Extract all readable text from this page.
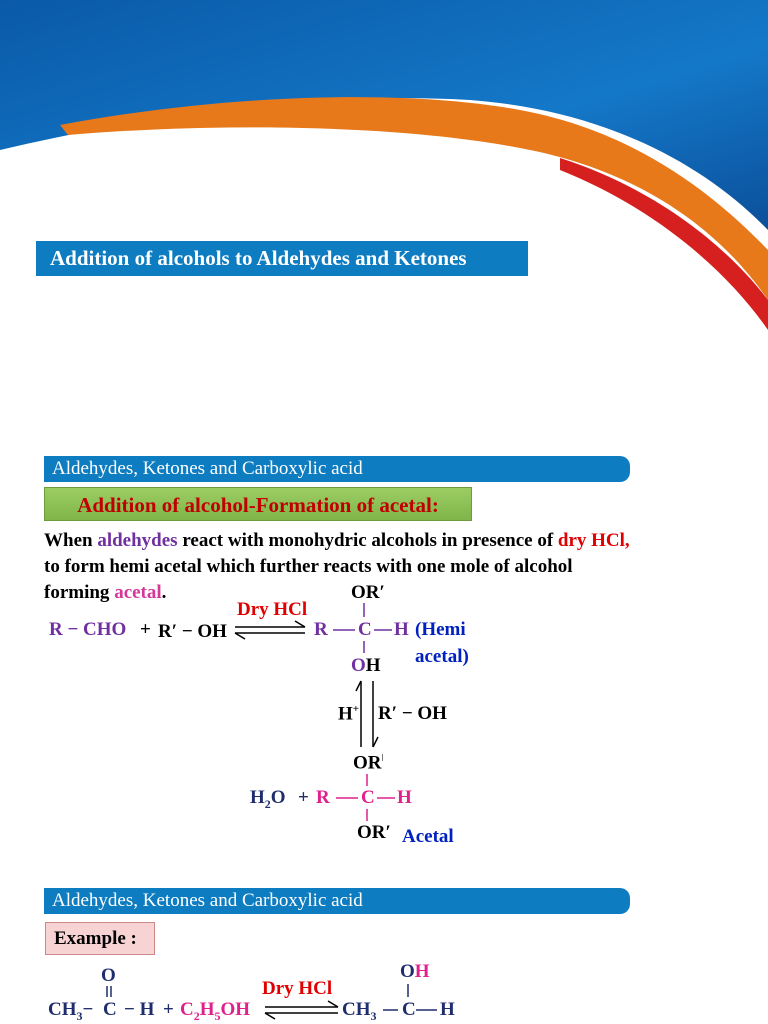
Addition of alcohols to Aldehydes and Ketones
Aldehydes, Ketones and Carboxylic acid
Addition of alcohol-Formation of acetal:
When aldehydes react with monohydric alcohols in presence of dry HCl,
to form hemi acetal which further reacts with one mole of alcohol
forming acetal.	OR′
Dry HCl
R − CHO + R′ − OH	R C H (Hemi
acetal)
OH
H+ R′ − OH
$OR^ǀ$
$H_2O + R$ C H
OR′ Acetal
Aldehydes, Ketones and Carboxylic acid
Example :
O
$CH_3- C - H + C_2H_5OH$
Dry HCl
$CH_3$ C H
OH
